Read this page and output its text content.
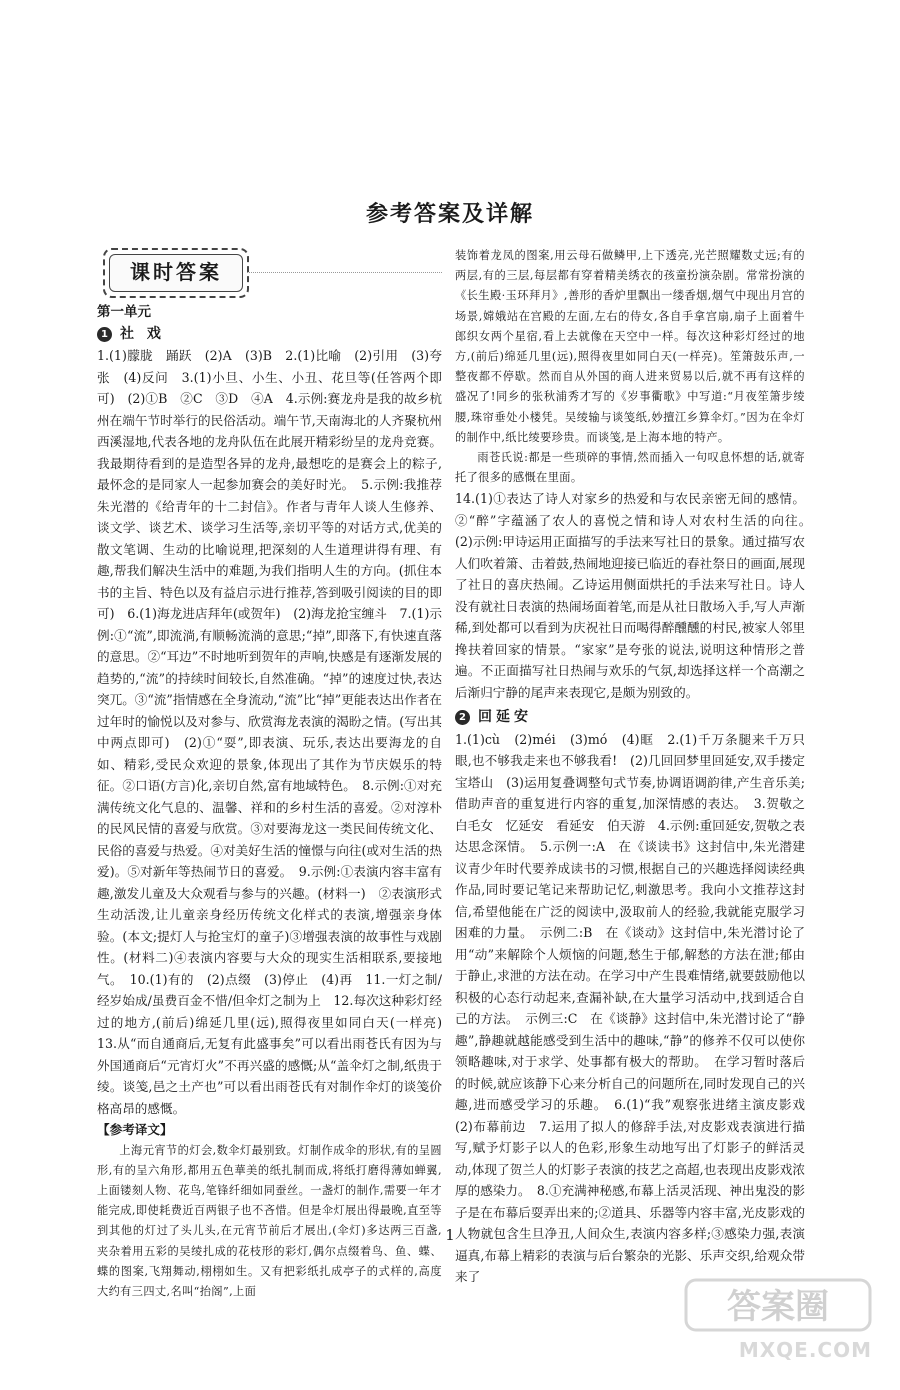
参考答案及详解
课时答案

第一单元

1 社 戏

1.(1)朦胧　踊跃　(2)A　(3)B　2.(1)比喻　(2)引用　(3)夸张　(4)反问　3.(1)小旦、小生、小丑、花旦等(任答两个即可)　(2)①B　②C　③D　④A　4.示例:赛龙舟是我的故乡杭州在端午节时举行的民俗活动。端午节,天南海北的人齐聚杭州西溪湿地,代表各地的龙舟队伍在此展开精彩纷呈的龙舟竞赛。我最期待看到的是造型各异的龙舟,最想吃的是赛会上的粽子,最怀念的是同家人一起参加赛会的美好时光。　5.示例:我推荐朱光潜的《给青年的十二封信》。作者与青年人谈人生修养、谈文学、谈艺术、谈学习生活等,亲切平等的对话方式,优美的散文笔调、生动的比喻说理,把深刻的人生道理讲得有理、有趣,帮我们解决生活中的难题,为我们指明人生的方向。(抓住本书的主旨、特色以及有益启示进行推荐,答到吸引阅读的目的即可)　6.(1)海龙进店拜年(或贺年)　(2)海龙抢宝缠斗　7.(1)示例:①“流”,即流淌,有顺畅流淌的意思;“掉”,即落下,有快速直落的意思。②“耳边”不时地听到贺年的声响,快感是有逐渐发展的趋势的,“流”的持续时间较长,自然准确。“掉”的速度过快,表达突兀。③“流”指情感在全身流动,“流”比“掉”更能表达出作者在过年时的愉悦以及对参与、欣赏海龙表演的渴盼之情。(写出其中两点即可)　(2)①“耍”,即表演、玩乐,表达出要海龙的自如、精彩,受民众欢迎的景象,体现出了其作为节庆娱乐的特征。②口语(方言)化,亲切自然,富有地域特色。　8.示例:①对充满传统文化气息的、温馨、祥和的乡村生活的喜爱。②对淳朴的民风民情的喜爱与欣赏。③对要海龙这一类民间传统文化、民俗的喜爱与热爱。④对美好生活的憧憬与向往(或对生活的热爱)。⑤对新年等热闹节日的喜爱。　9.示例:①表演内容丰富有趣,激发儿童及大众观看与参与的兴趣。(材料一)　②表演形式生动活泼,让儿童亲身经历传统文化样式的表演,增强亲身体验。(本文;提灯人与抢宝灯的童子)③增强表演的故事性与戏剧性。(材料二)④表演内容要与大众的现实生活相联系,要接地气。　10.(1)有的　(2)点缀　(3)停止　(4)再　11.一灯之制/经岁始成/虽费百金不惜/但伞灯之制为上　12.每次这种彩灯经过的地方,(前后)绵延几里(远),照得夜里如同白天(一样亮)　13.从“而自通商后,无复有此盛事矣”可以看出雨苍氏有因为与外国通商后“元宵灯火”不再兴盛的感慨;从“盖伞灯之制,纸贵于绫。谈笺,邑之土产也”可以看出雨苍氏有对制作伞灯的谈笺价格高昂的感慨。

【参考译文】

上海元宵节的灯会,数伞灯最别致。灯制作成伞的形状,有的呈圆形,有的呈六角形,都用五色華美的纸扎制而成,将纸打磨得薄如蝉翼,上面镂刻人物、花鸟,笔锋纤细如同蚕丝。一盏灯的制作,需要一年才能完成,即使耗费近百两银子也不吝惜。但是伞灯展出得最晚,直至等到其他的灯过了头儿头,在元宵节前后才展出,(伞灯)多达两三百盏,夹杂着用五彩的吴绫扎成的花枝形的彩灯,偶尔点缀着鸟、鱼、蝶、蝶的图案,飞翔舞动,栩栩如生。又有把彩纸扎成亭子的式样的,高度大约有三四丈,名叫“抬阁”,上面

装饰着龙凤的图案,用云母石做鳞甲,上下透亮,光芒照耀数丈远;有的两层,有的三层,每层都有穿着精美绣衣的孩童扮演杂剧。常常扮演的《长生殿·玉环拜月》,善形的香炉里飘出一缕香烟,烟气中现出月宫的场景,嫦娥站在宫殿的左面,左右的侍女,各自手拿宫扇,扇子上面着牛郎织女两个星宿,看上去就像在天空中一样。每次这种彩灯经过的地方,(前后)绵延几里(远),照得夜里如同白天(一样亮)。笙箫鼓乐声,一整夜都不停歇。然而自从外国的商人进来贸易以后,就不再有这样的盛况了!同乡的张秋浦秀才写的《岁事衢歌》中写道:“月夜笙箫步绫腰,珠帘垂处小楼凭。吴绫输与谈笺纸,妙擅江乡算伞灯。”因为在伞灯的制作中,纸比绫要珍贵。而谈笺,是上海本地的特产。

雨苍氏说:都是一些琐碎的事情,然而插入一句叹息怀想的话,就寄托了很多的感慨在里面。

14.(1)①表达了诗人对家乡的热爱和与农民亲密无间的感情。②“醉”字蕴涵了农人的喜悦之情和诗人对农村生活的向往。　(2)示例:甲诗运用正面描写的手法来写社日的景象。通过描写农人们吹着箫、击着鼓,热闹地迎接已临近的春社祭日的画面,展现了社日的喜庆热闹。乙诗运用侧面烘托的手法来写社日。诗人没有就社日表演的热闹场面着笔,而是从社日散场入手,写人声渐稀,到处都可以看到为庆祝社日而喝得醉醺醺的村民,被家人邻里搀扶着回家的情景。“家家”是夸张的说法,说明这种情形之普遍。不正面描写社日热闹与欢乐的气氛,却选择这样一个高潮之后渐归宁静的尾声来表现它,是颇为别致的。

2 回延安

1.(1)cù　(2)méi　(3)mó　(4)眶　2.(1)千万条腿来千万只眼,也不够我走来也不够我看!　(2)几回回梦里回延安,双手搂定宝塔山　(3)运用复叠调整句式节奏,协调语调韵律,产生音乐美;借助声音的重复进行内容的重复,加深情感的表达。　3.贺敬之　白毛女　忆延安　看延安　伯天游　4.示例:重回延安,贺敬之表达思念深情。　5.示例一:A　在《谈读书》这封信中,朱光潜建议青少年时代要养成读书的习惯,根据自己的兴趣选择阅读经典作品,同时要记笔记来帮助记忆,刺激思考。我向小文推荐这封信,希望他能在广泛的阅读中,汲取前人的经验,我就能克服学习困难的力量。　示例二:B　在《谈动》这封信中,朱光潜讨论了用“动”来解除个人烦恼的问题,愁生于郁,解愁的方法在泄;郁由于静止,求泄的方法在动。在学习中产生畏难情绪,就要鼓励他以积极的心态行动起来,查漏补缺,在大量学习活动中,找到适合自己的方法。　示例三:C　在《谈静》这封信中,朱光潜讨论了“静趣”,静趣就越能感受到生活中的趣味,“静”的修养不仅可以使你领略趣味,对于求学、处事都有极大的帮助。　在学习暂时落后的时候,就应该静下心来分析自己的问题所在,同时发现自己的兴趣,进而感受学习的乐趣。　6.(1)“我”观察张进绪主演皮影戏　(2)布幕前边　7.运用了拟人的修辞手法,对皮影戏表演进行描写,赋予灯影子以人的色彩,形象生动地写出了灯影子的鲜活灵动,体现了贺兰人的灯影子表演的技艺之高超,也表现出皮影戏浓厚的感染力。　8.①充满神秘感,布幕上活灵活现、神出鬼没的影子是在布幕后耍弄出来的;②道具、乐器等内容丰富,光皮影戏的人物就包含生旦净丑,人间众生,表演内容多样;③感染力强,表演逼真,布幕上精彩的表演与后台繁杂的光影、乐声交织,给观众带来了

1
答案圈
MXQE.COM
